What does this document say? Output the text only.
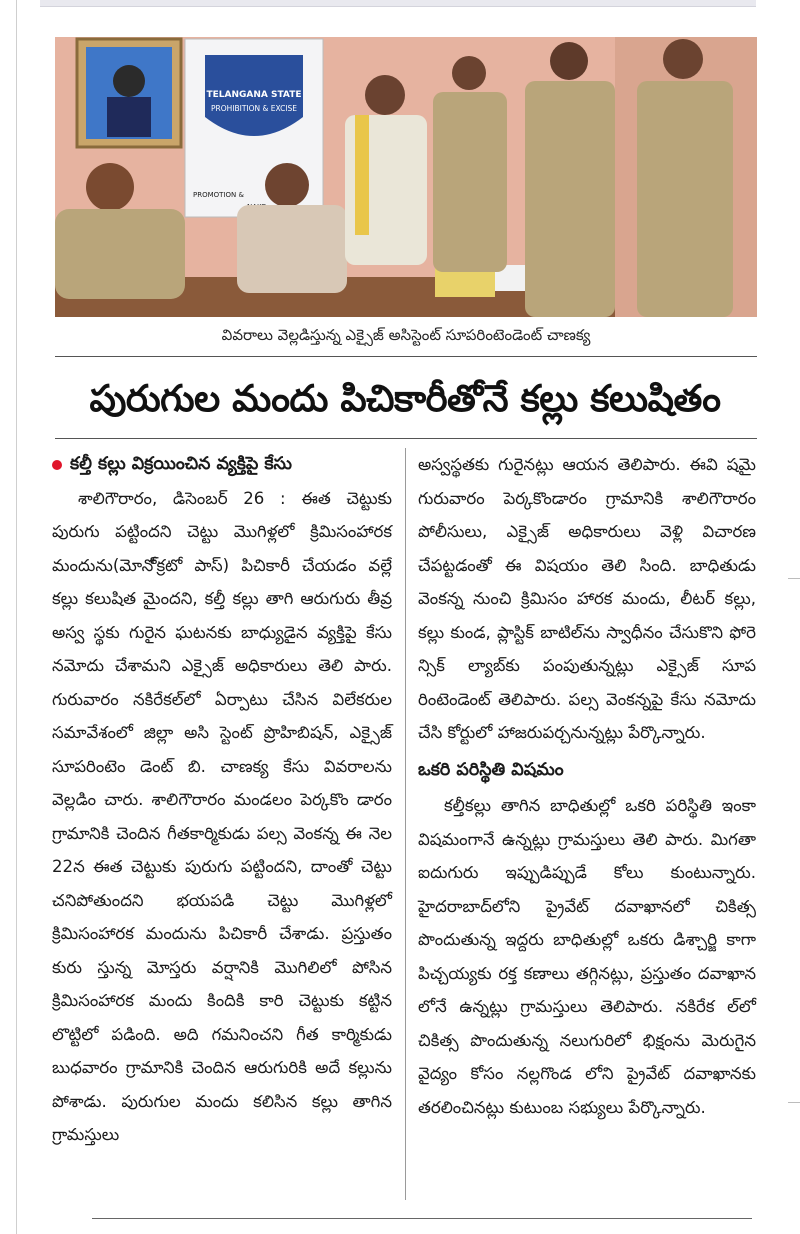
TELANGANA STATE
PROHIBITION & EXCISE
PROMOTION &
వివరాలు వెల్లడిస్తున్న ఎక్సైజ్ అసిస్టెంట్ సూపరింటెండెంట్ చాణక్య
పురుగుల మందు పిచికారీతోనే కల్లు కలుషితం
కల్తీ కల్లు విక్రయించిన వ్యక్తిపై కేసు

శాలిగౌరారం, డిసెంబర్ 26 : ఈత చెట్టుకు పురుగు పట్టిందని చెట్టు మొగిళ్లలో క్రిమిసంహారక మందును(మోనో్క్రటో పాస్) పిచికారీ చేయడం వల్లే కల్లు కలుషిత మైందని, కల్తీ కల్లు తాగి ఆరుగురు తీవ్ర అస్వ స్థకు గురైన ఘటనకు బాధ్యుడైన వ్యక్తిపై కేసు నమోదు చేశామని ఎక్సైజ్ అధికారులు తెలి పారు. గురువారం నకిరేకల్‌లో ఏర్పాటు చేసిన విలేకరుల సమావేశంలో జిల్లా అసి స్టెంట్ ప్రొహిబిషన్, ఎక్సైజ్ సూపరింటెం డెంట్ బి. చాణక్య కేసు వివరాలను వెల్లడిం చారు. శాలిగౌరారం మండలం పెర్కకొం డారం గ్రామానికి చెందిన గీతకార్మికుడు పల్స వెంకన్న ఈ నెల 22న ఈత చెట్టుకు పురుగు పట్టిందని, దాంతో చెట్టు చనిపోతుందని భయపడి చెట్టు మొగిళ్లలో క్రిమిసంహారక మందును పిచికారీ చేశాడు. ప్రస్తుతం కురు స్తున్న మోస్తరు వర్షానికి మొగిలిలో పోసిన క్రిమిసంహారక మందు కిందికి కారి చెట్టుకు కట్టిన లొట్టిలో పడింది. అది గమనించని గీత కార్మికుడు బుధవారం గ్రామానికి చెందిన ఆరుగురికి అదే కల్లును పోశాడు. పురుగుల మందు కలిసిన కల్లు తాగిన గ్రామస్తులు

అస్వస్థతకు గురైనట్లు ఆయన తెలిపారు. ఈవి షమై గురువారం పెర్కకొండారం గ్రామానికి శాలిగౌరారం పోలీసులు, ఎక్సైజ్ అధికారులు వెళ్లి విచారణ చేపట్టడంతో ఈ విషయం తెలి సింది. బాధితుడు వెంకన్న నుంచి క్రిమిసం హారక మందు, లీటర్ కల్లు, కల్లు కుండ, ప్లాస్టిక్ బాటిల్‌ను స్వాధీనం చేసుకొని ఫోరె న్సిక్ ల్యాబ్‌కు పంపుతున్నట్లు ఎక్సైజ్ సూప రింటెండెంట్ తెలిపారు. పల్స వెంకన్నపై కేసు నమోదు చేసి కోర్టులో హాజరుపర్చనున్నట్లు పేర్కొన్నారు.

ఒకరి పరిస్థితి విషమం

కల్తీకల్లు తాగిన బాధితుల్లో ఒకరి పరిస్థితి ఇంకా విషమంగానే ఉన్నట్లు గ్రామస్తులు తెలి పారు. మిగతా ఐదుగురు ఇప్పుడిప్పుడే కోలు కుంటున్నారు. హైదరాబాద్‌లోని ప్రైవేట్ దవాఖానలో చికిత్స పొందుతున్న ఇద్దరు బాధితుల్లో ఒకరు డిశ్చార్జి కాగా పిచ్చయ్యకు రక్త కణాలు తగ్గినట్లు, ప్రస్తుతం దవాఖాన లోనే ఉన్నట్లు గ్రామస్తులు తెలిపారు. నకిరేక ల్‌లో చికిత్స పొందుతున్న నలుగురిలో భిక్షంను మెరుగైన వైద్యం కోసం నల్లగొండ లోని ప్రైవేట్ దవాఖానకు తరలించినట్లు కుటుంబ సభ్యులు పేర్కొన్నారు.
